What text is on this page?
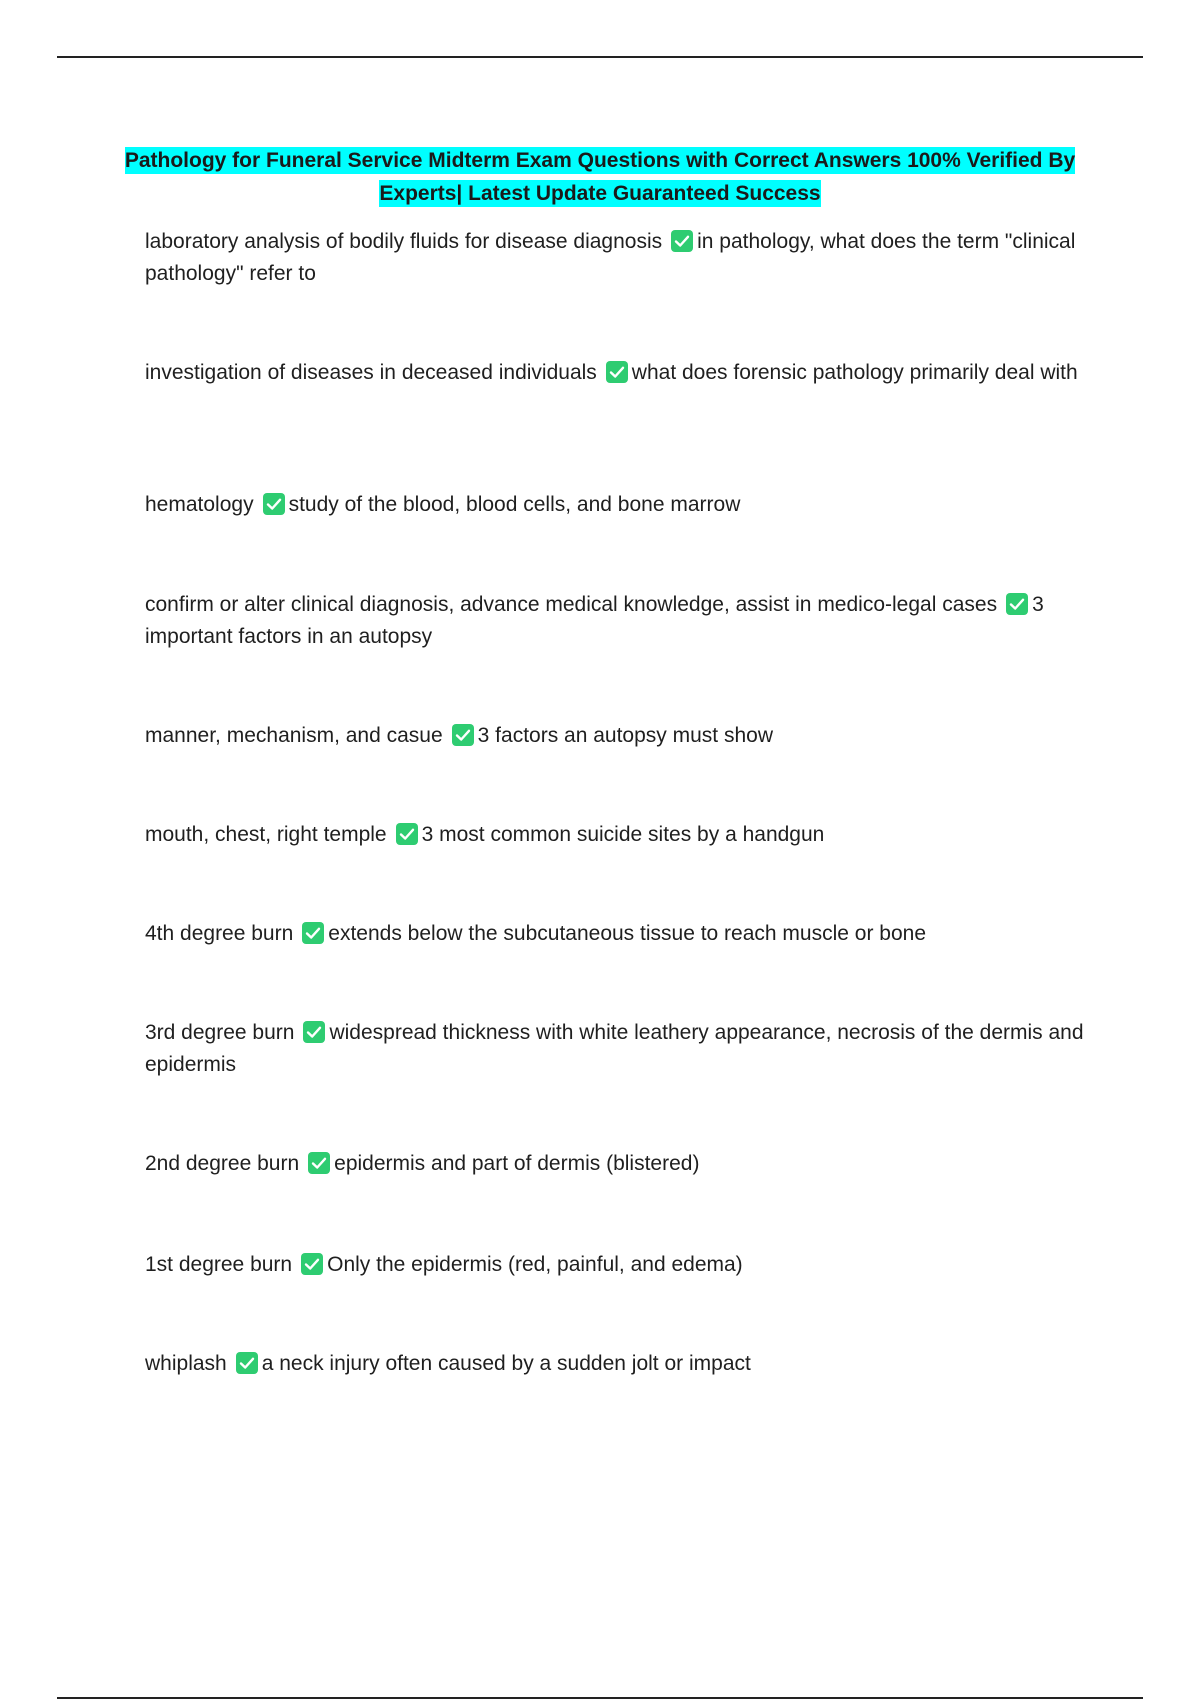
Pathology for Funeral Service Midterm Exam Questions with Correct Answers 100% Verified By Experts| Latest Update Guaranteed Success

laboratory analysis of bodily fluids for disease diagnosis in pathology, what does the term "clinical pathology" refer to

investigation of diseases in deceased individuals what does forensic pathology primarily deal with

hematology study of the blood, blood cells, and bone marrow

confirm or alter clinical diagnosis, advance medical knowledge, assist in medico-legal cases 3 important factors in an autopsy

manner, mechanism, and casue 3 factors an autopsy must show

mouth, chest, right temple 3 most common suicide sites by a handgun

4th degree burn extends below the subcutaneous tissue to reach muscle or bone

3rd degree burn widespread thickness with white leathery appearance, necrosis of the dermis and epidermis

2nd degree burn epidermis and part of dermis (blistered)

1st degree burn Only the epidermis (red, painful, and edema)

whiplash a neck injury often caused by a sudden jolt or impact
